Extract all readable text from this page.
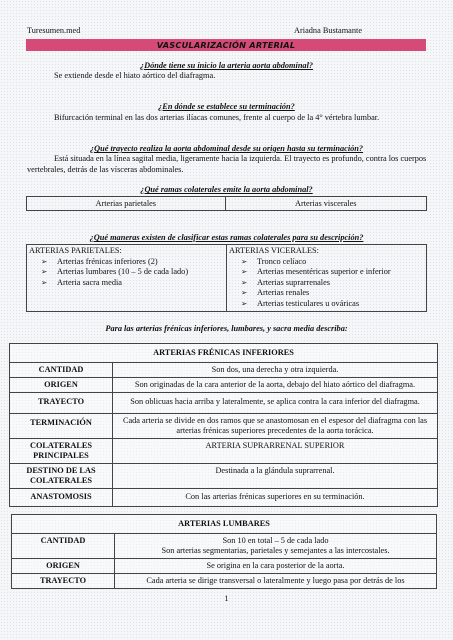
Turesumen.med	Ariadna Bustamante
VASCULARIZACIÓN ARTERIAL
¿Dónde tiene su inicio la arteria aorta abdominal?
Se extiende desde el hiato aórtico del diafragma.
¿En dónde se establece su terminación?
Bifurcación terminal en las dos arterias ilíacas comunes, frente al cuerpo de la 4° vértebra lumbar.
¿Qué trayecto realiza la aorta abdominal desde su origen hasta su terminación?
Está situada en la línea sagital media, ligeramente hacia la izquierda. El trayecto es profundo, contra los cuerpos vertebrales, detrás de las vísceras abdominales.
¿Qué ramas colaterales emite la aorta abdominal?
Arterias parietales	Arterias viscerales
¿Qué maneras existen de clasificar estas ramas colaterales para su descripción?
ARTERIAS PARIETALES:
➢ Arterias frénicas inferiores (2)
➢ Arterias lumbares (10 – 5 de cada lado)
➢ Arteria sacra media

ARTERIAS VICERALES:
➢ Tronco celíaco
➢ Arterias mesentéricas superior e inferior
➢ Arterias suprarrenales
➢ Arterias renales
➢ Arterias testiculares u ováricas
Para las arterias frénicas inferiores, lumbares, y sacra media describa:
ARTERIAS FRÉNICAS INFERIORES	
CANTIDAD	Son dos, una derecha y otra izquierda.
ORIGEN	Son originadas de la cara anterior de la aorta, debajo del hiato aórtico del diafragma.
TRAYECTO	Son oblicuas hacia arriba y lateralmente, se aplica contra la cara inferior del diafragma.
TERMINACIÓN	Cada arteria se divide en dos ramos que se anastomosan en el espesor del diafragma con las arterias frénicas superiores precedentes de la aorta torácica.
COLATERALES PRINCIPALES	ARTERIA SUPRARRENAL SUPERIOR
DESTINO DE LAS COLATERALES	Destinada a la glándula suprarrenal.
ANASTOMOSIS	Con las arterias frénicas superiores en su terminación.
ARTERIAS LUMBARES	
CANTIDAD	Son 10 en total – 5 de cada lado
Son arterias segmentarias, parietales y semejantes a las intercostales.

ORIGEN	Se origina en la cara posterior de la aorta.
TRAYECTO	Cada arteria se dirige transversal o lateralmente y luego pasa por detrás de los
1
